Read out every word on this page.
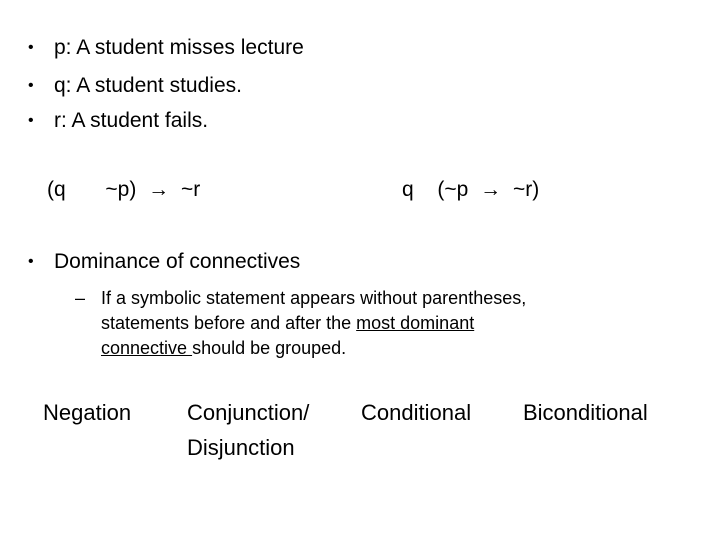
• p: A student misses lecture
• q: A student studies.
• r: A student fails.
(q ~p) → ~r	q (~p → ~r)
• Dominance of connectives
– If a symbolic statement appears without parentheses,
statements before and after the most dominant
connective should be grouped.
Negation	Conjunction/
Disjunction
Conditional Biconditional
